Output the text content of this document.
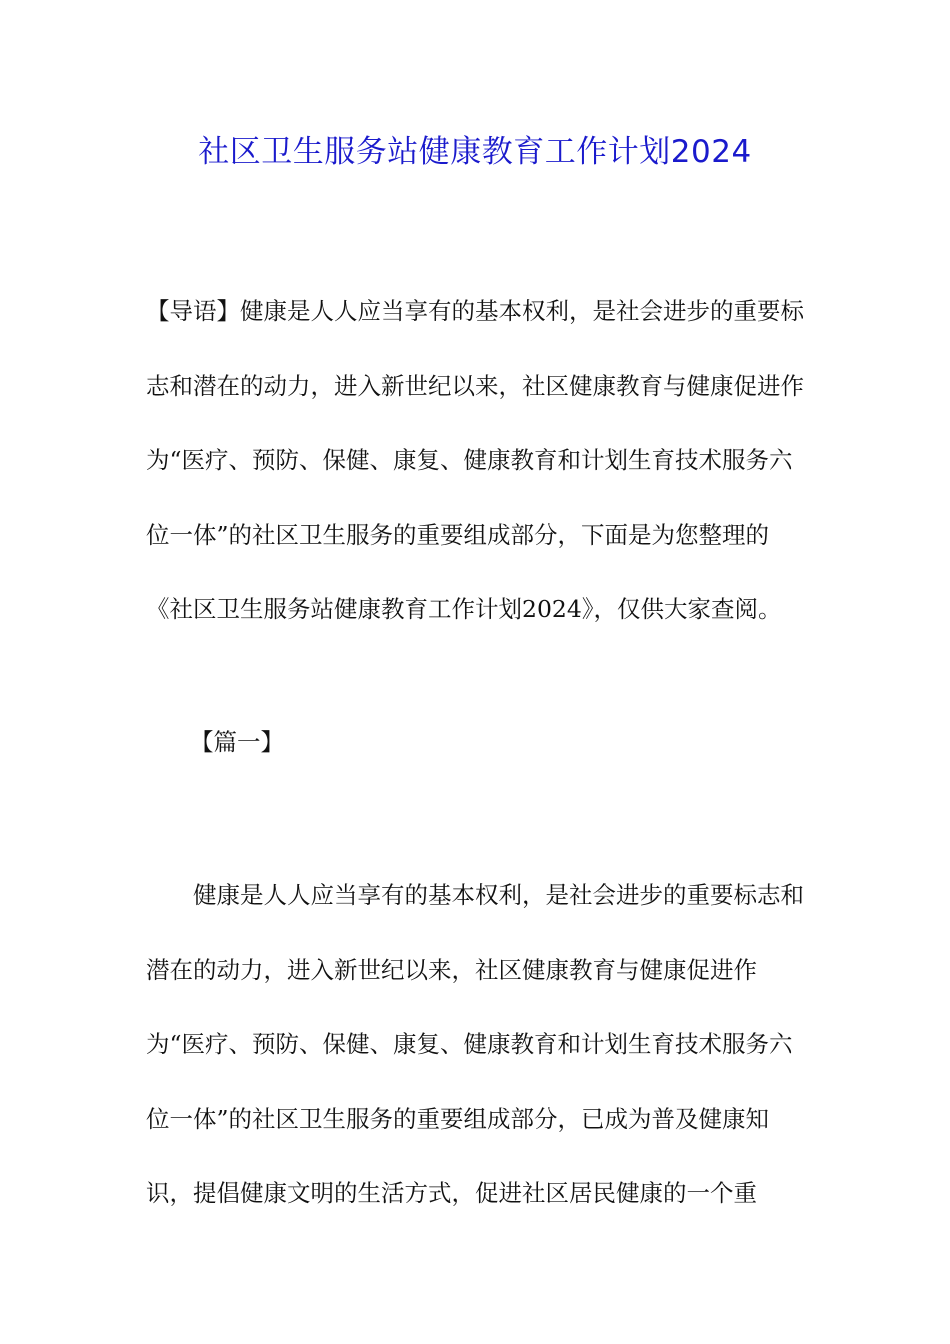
社区卫生服务站健康教育工作计划2024

【导语】健康是人人应当享有的基本权利，是社会进步的重要标志和潜在的动力，进入新世纪以来，社区健康教育与健康促进作为“医疗、预防、保健、康复、健康教育和计划生育技术服务六位一体”的社区卫生服务的重要组成部分，下面是为您整理的《社区卫生服务站健康教育工作计划2024》，仅供大家查阅。

【篇一】

健康是人人应当享有的基本权利，是社会进步的重要标志和潜在的动力，进入新世纪以来，社区健康教育与健康促进作为“医疗、预防、保健、康复、健康教育和计划生育技术服务六位一体”的社区卫生服务的重要组成部分，已成为普及健康知识，提倡健康文明的生活方式，促进社区居民健康的一个重
